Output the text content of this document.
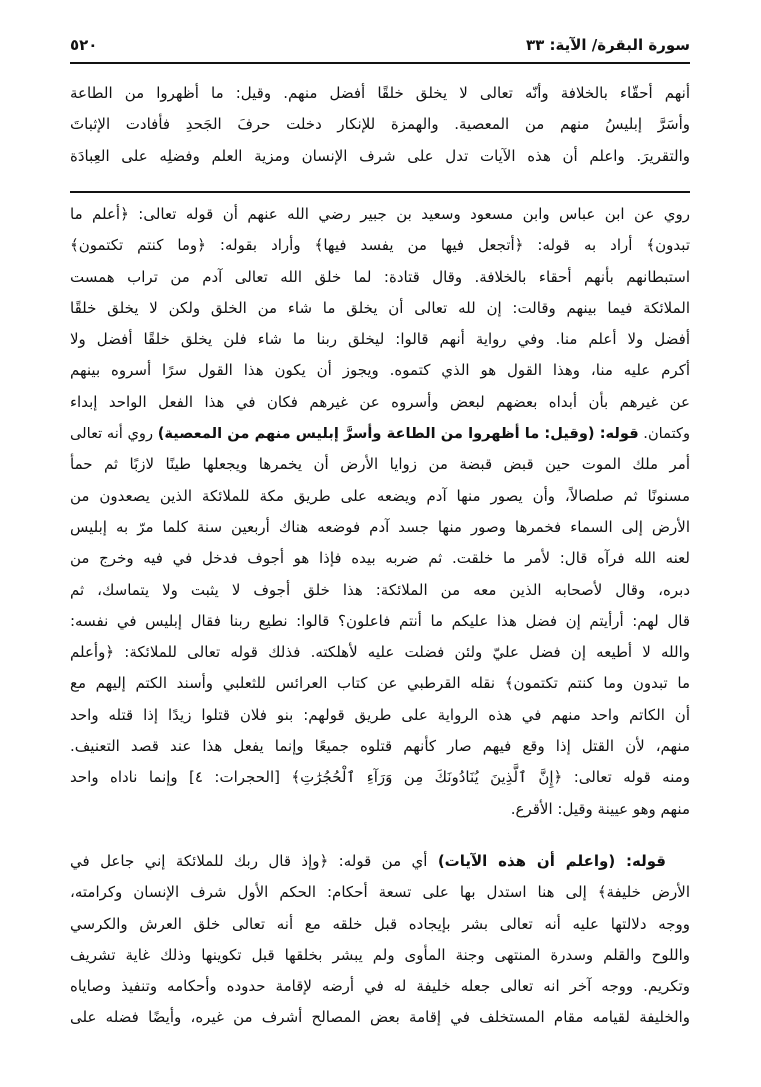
سورة البقرة/ الآية: ٣٣
٥٢٠
أنهم أحقّاء بالخلافة وأنّه تعالى لا يخلق خلقًا أفضل منهم. وقيل: ما أظهروا من الطاعة
وأسَرَّ إبليسُ منهم من المعصية. والهمزة للإنكار دخلت حرفَ الجَحدِ فأفادت الإثباتَ
والتقريرَ. واعلم أن هذه الآيات تدل على شرف الإنسان ومزية العلم وفضلِه على العِبادَة
روي عن ابن عباس وابن مسعود وسعيد بن جبير رضي الله عنهم أن قوله تعالى: ﴿أعلم ما
تبدون﴾ أراد به قوله: ﴿أتجعل فيها من يفسد فيها﴾ وأراد بقوله: ﴿وما كنتم تكتمون﴾
استبطانهم بأنهم أحقاء بالخلافة. وقال قتادة: لما خلق الله تعالى آدم من تراب همست
الملائكة فيما بينهم وقالت: إن لله تعالى أن يخلق ما شاء من الخلق ولكن لا يخلق خلقًا
أفضل ولا أعلم منا. وفي رواية أنهم قالوا: ليخلق ربنا ما شاء فلن يخلق خلقًا أفضل ولا
أكرم عليه منا، وهذا القول هو الذي كتموه. ويجوز أن يكون هذا القول سرًا أسروه بينهم
عن غيرهم بأن أبداه بعضهم لبعض وأسروه عن غيرهم فكان في هذا الفعل الواحد إبداء
وكتمان. قوله: (وقيل: ما أظهروا من الطاعة وأسرَّ إبليس منهم من المعصية) روي أنه تعالى
أمر ملك الموت حين قبض قبضة من زوايا الأرض أن يخمرها ويجعلها طينًا لازبًا ثم حمأ
مسنونًا ثم صلصالاً، وأن يصور منها آدم ويضعه على طريق مكة للملائكة الذين يصعدون من
الأرض إلى السماء فخمرها وصور منها جسد آدم فوضعه هناك أربعين سنة كلما مرّ به إبليس
لعنه الله فرآه قال: لأمر ما خلقت. ثم ضربه بيده فإذا هو أجوف فدخل في فيه وخرج من
دبره، وقال لأصحابه الذين معه من الملائكة: هذا خلق أجوف لا يثبت ولا يتماسك، ثم
قال لهم: أرأيتم إن فضل هذا عليكم ما أنتم فاعلون؟ قالوا: نطيع ربنا فقال إبليس في نفسه:
والله لا أطيعه إن فضل عليّ ولئن فضلت عليه لأهلكته. فذلك قوله تعالى للملائكة: ﴿وأعلم
ما تبدون وما كنتم تكتمون﴾ نقله القرطبي عن كتاب العرائس للثعلبي وأسند الكتم إليهم مع
أن الكاتم واحد منهم في هذه الرواية على طريق قولهم: بنو فلان قتلوا زيدًا إذا قتله واحد
منهم، لأن القتل إذا وقع فيهم صار كأنهم قتلوه جميعًا وإنما يفعل هذا عند قصد التعنيف.
ومنه قوله تعالى: ﴿إِنَّ ٱلَّذِينَ يُنَادُونَكَ مِن وَرَآءِ ٱلْحُجُرَٰتِ﴾ [الحجرات: ٤] وإنما ناداه واحد
منهم وهو عيينة وقيل: الأقرع.
قوله: (واعلم أن هذه الآيات) أي من قوله: ﴿وإذ قال ربك للملائكة إني جاعل في
الأرض خليفة﴾ إلى هنا استدل بها على تسعة أحكام: الحكم الأول شرف الإنسان وكرامته،
ووجه دلالتها عليه أنه تعالى بشر بإيجاده قبل خلقه مع أنه تعالى خلق العرش والكرسي
واللوح والقلم وسدرة المنتهى وجنة المأوى ولم يبشر بخلقها قبل تكوينها وذلك غاية تشريف
وتكريم. ووجه آخر انه تعالى جعله خليفة له في أرضه لإقامة حدوده وأحكامه وتنفيذ وصاياه
والخليفة لقيامه مقام المستخلف في إقامة بعض المصالح أشرف من غيره، وأيضًا فضله على
